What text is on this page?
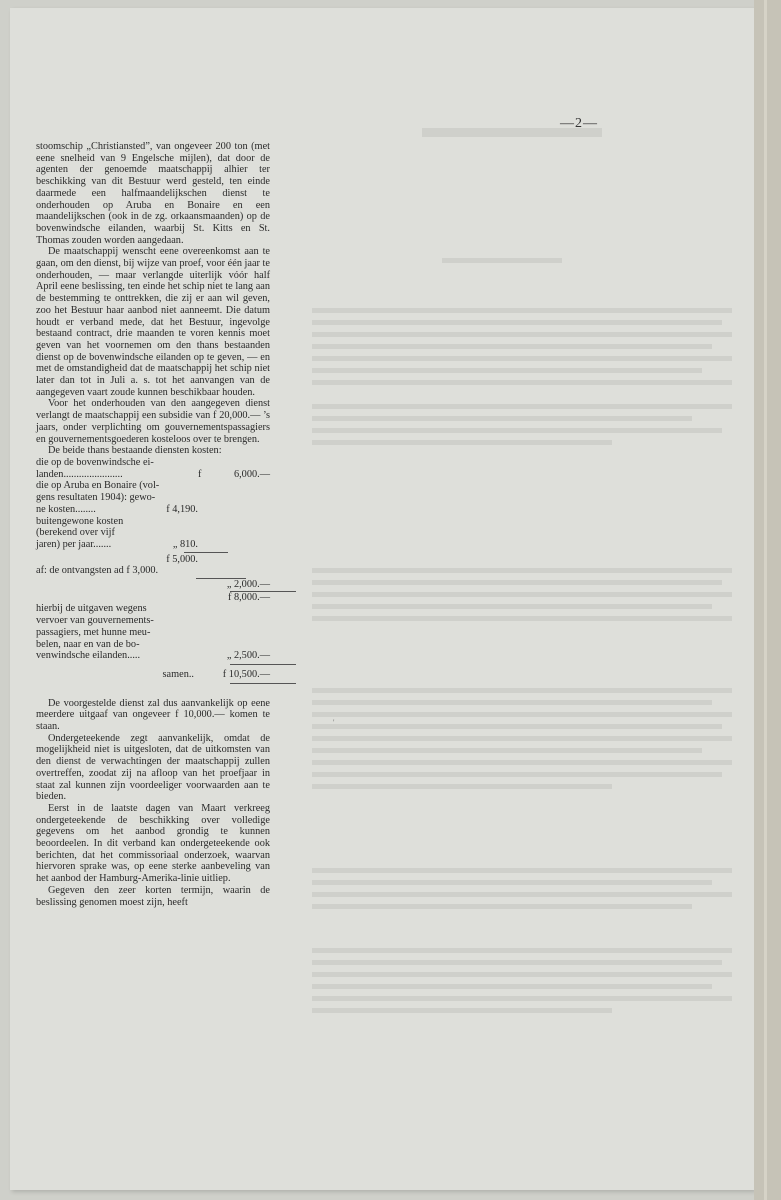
—2—
'

stoomschip „Christiansted”, van ongeveer 200 ton (met eene snelheid van 9 Engelsche mijlen), dat door de agenten der genoemde maatschappij alhier ter beschikking van dit Bestuur werd gesteld, ten einde daarmede een halfmaandelijkschen dienst te onderhouden op Aruba en Bonaire en een maandelijkschen (ook in de zg. orkaansmaanden) op de bovenwindsche eilanden, waarbij St. Kitts en St. Thomas zouden worden aangedaan.

De maatschappij wenscht eene overeenkomst aan te gaan, om den dienst, bij wijze van proef, voor één jaar te onderhouden, — maar verlangde uiterlijk vóór half April eene beslissing, ten einde het schip niet te lang aan de bestemming te onttrekken, die zij er aan wil geven, zoo het Bestuur haar aanbod niet aanneemt. Die datum houdt er verband mede, dat het Bestuur, ingevolge bestaand contract, drie maanden te voren kennis moet geven van het voornemen om den thans bestaanden dienst op de bovenwindsche eilanden op te geven, — en met de omstandigheid dat de maatschappij het schip niet later dan tot in Juli a. s. tot het aanvangen van de aangegeven vaart zoude kunnen beschikbaar houden.

Voor het onderhouden van den aangegeven dienst verlangt de maatschappij een subsidie van f 20,000.— ’s jaars, onder verplichting om gouvernementspassagiers en gouvernementsgoederen kosteloos over te brengen.

De beide thans bestaande diensten kosten:

die op de bovenwindsche ei-
landen.......................	f	6,000.—
die op Aruba en Bonaire (vol-
gens resultaten 1904): gewo-
ne kosten........	f 4,190.
buitengewone kosten
(berekend over vijf
jaren) per jaar.......	„ 810.
f 5,000.
af: de ontvangsten ad f 3,000.
„ 2,000.—
f 8,000.—
hierbij de uitgaven wegens
vervoer van gouvernements-
passagiers, met hunne meu-
belen, naar en van de bo-
venwindsche eilanden.....	„ 2,500.—
samen..	f 10,500.—

De voorgestelde dienst zal dus aanvankelijk op eene meerdere uitgaaf van ongeveer f 10,000.— komen te staan.

Ondergeteekende zegt aanvankelijk, omdat de mogelijkheid niet is uitgesloten, dat de uitkomsten van den dienst de verwachtingen der maatschappij zullen overtreffen, zoodat zij na afloop van het proefjaar in staat zal kunnen zijn voordeeliger voorwaarden aan te bieden.

Eerst in de laatste dagen van Maart verkreeg ondergeteekende de beschikking over volledige gegevens om het aanbod grondig te kunnen beoordeelen. In dit verband kan ondergeteekende ook berichten, dat het commissoriaal onderzoek, waarvan hiervoren sprake was, op eene sterke aanbeveling van het aanbod der Hamburg-Amerika-linie uitliep.

Gegeven den zeer korten termijn, waarin de beslissing genomen moest zijn, heeft
